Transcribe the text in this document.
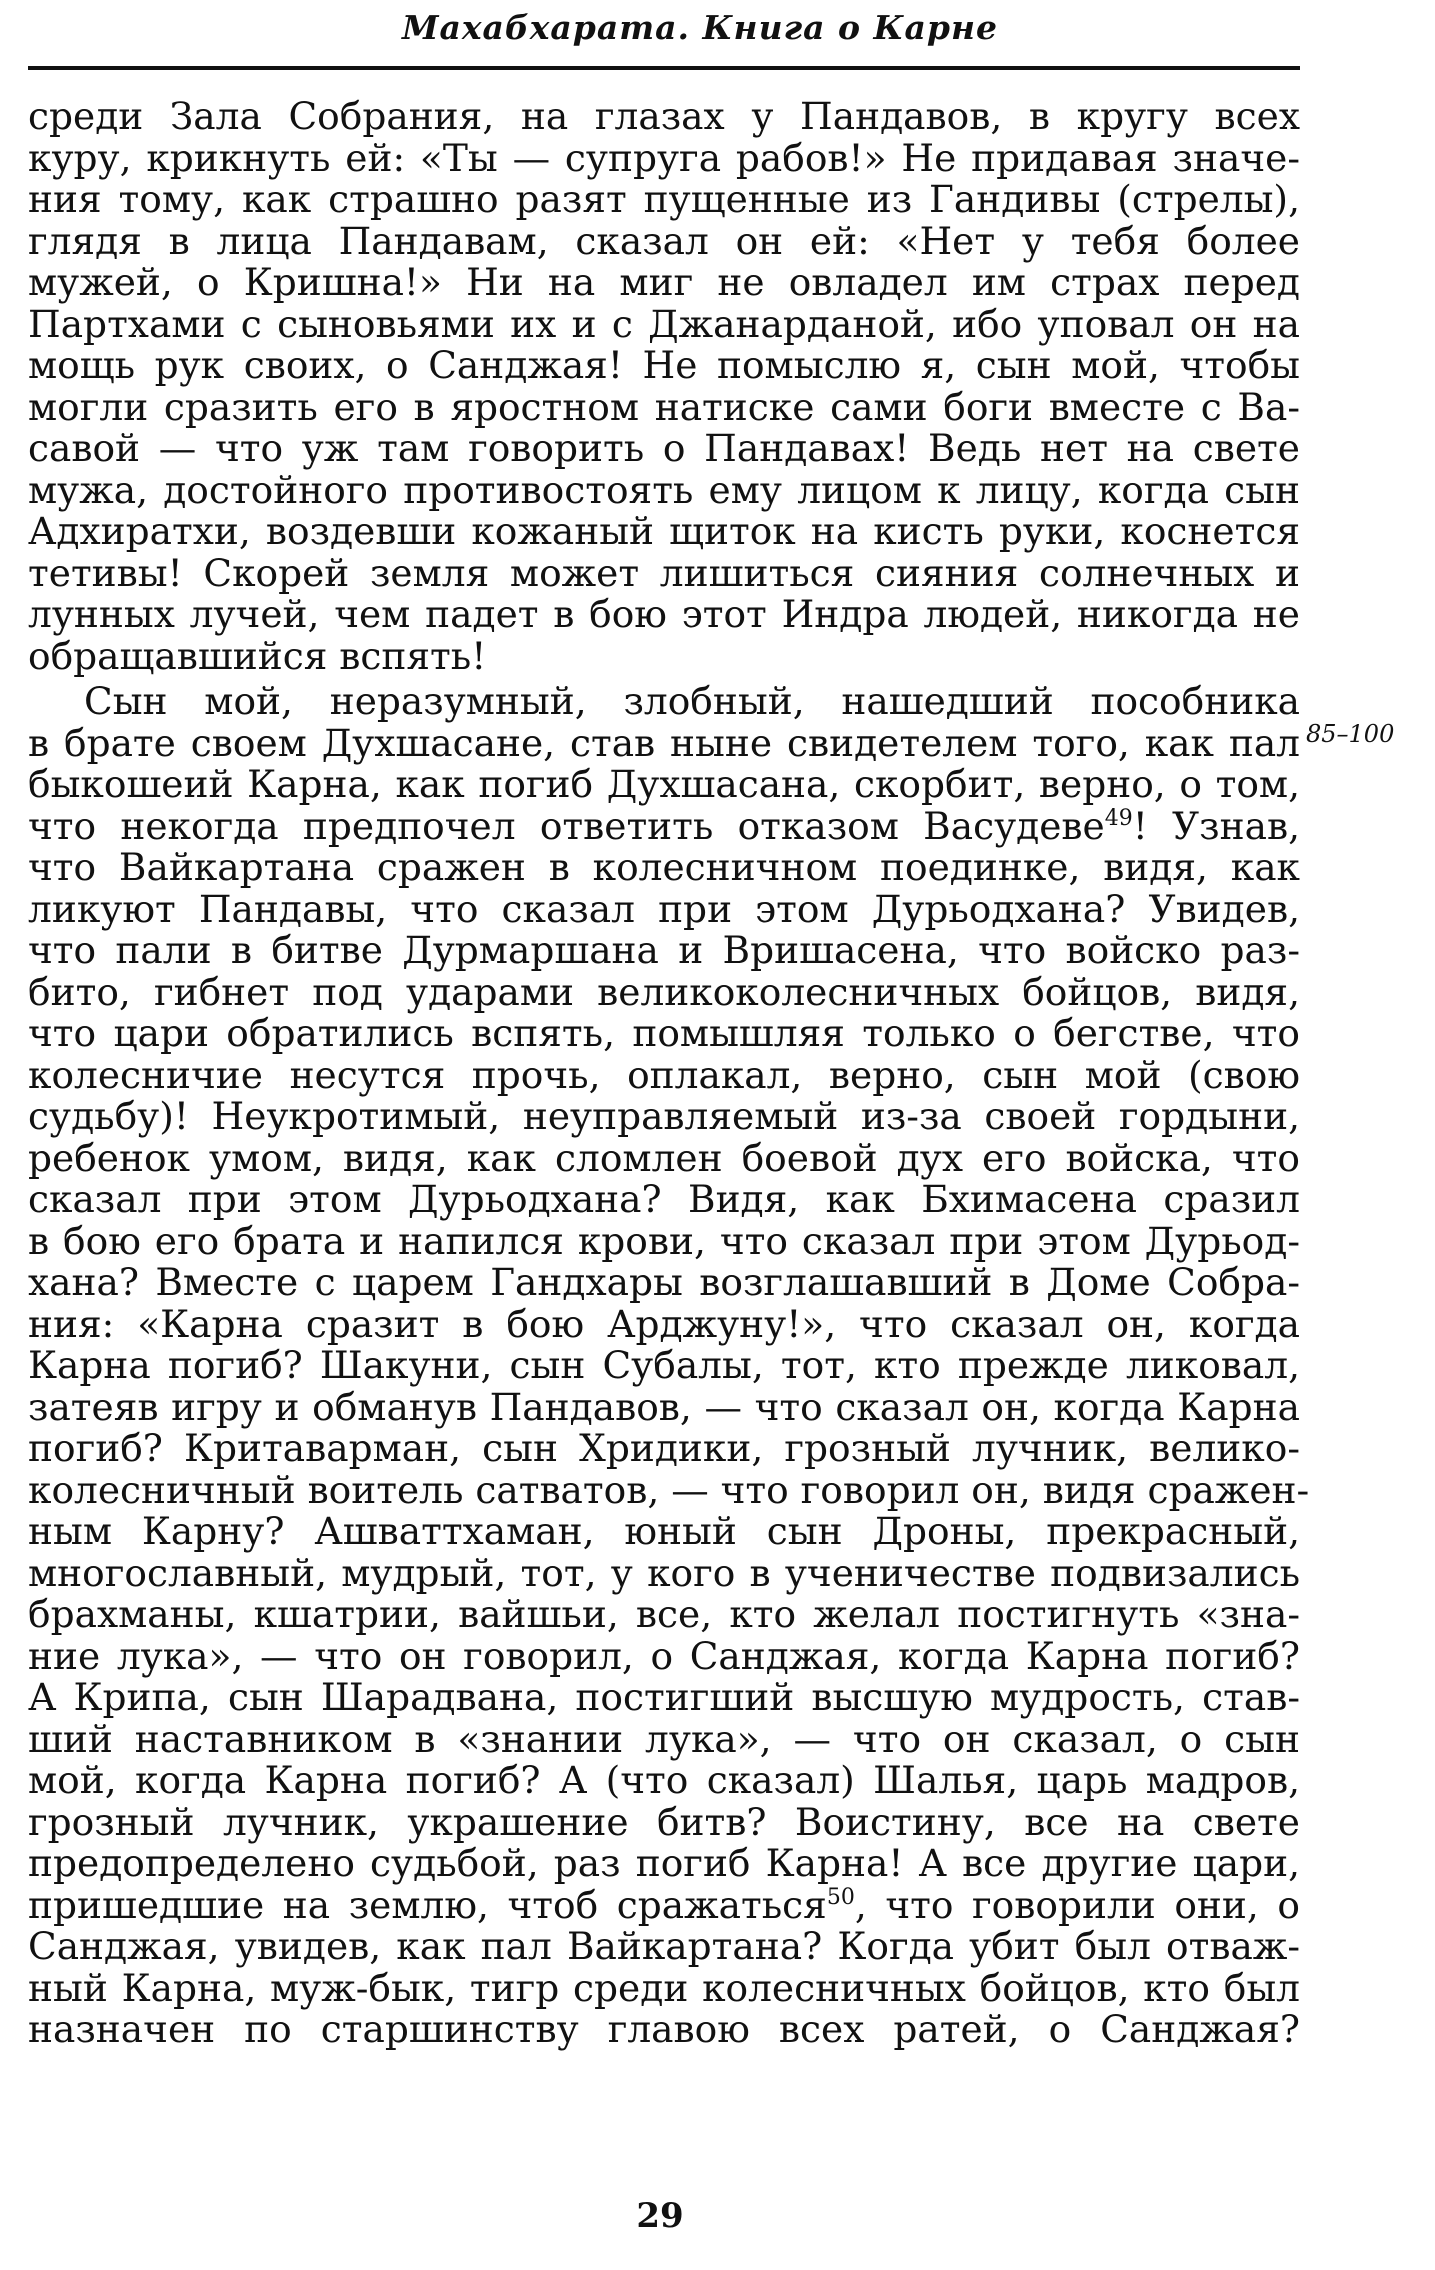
Махабхарата. Книга о Карне
среди Зала Собрания, на глазах у Пандавов, в кругу всех
куру, крикнуть ей: «Ты — супруга рабов!» Не придавая значе-
ния тому, как страшно разят пущенные из Гандивы (стрелы),
глядя в лица Пандавам, сказал он ей: «Нет у тебя более
мужей, о Кришна!» Ни на миг не овладел им страх перед
Партхами с сыновьями их и с Джанарданой, ибо уповал он на
мощь рук своих, о Санджая! Не помыслю я, сын мой, чтобы
могли сразить его в яростном натиске сами боги вместе с Ва-
савой — что уж там говорить о Пандавах! Ведь нет на свете
мужа, достойного противостоять ему лицом к лицу, когда сын
Адхиратхи, воздевши кожаный щиток на кисть руки, коснется
тетивы! Скорей земля может лишиться сияния солнечных и
лунных лучей, чем падет в бою этот Индра людей, никогда не
обращавшийся вспять!
Сын мой, неразумный, злобный, нашедший пособника
в брате своем Духшасане, став ныне свидетелем того, как пал
быкошеий Карна, как погиб Духшасана, скорбит, верно, о том,
что некогда предпочел ответить отказом Васудеве$^{49}$! Узнав,
что Вайкартана сражен в колесничном поединке, видя, как
ликуют Пандавы, что сказал при этом Дурьодхана? Увидев,
что пали в битве Дурмаршана и Вришасена, что войско раз-
бито, гибнет под ударами великоколесничных бойцов, видя,
что цари обратились вспять, помышляя только о бегстве, что
колесничие несутся прочь, оплакал, верно, сын мой (свою
судьбу)! Неукротимый, неуправляемый из-за своей гордыни,
ребенок умом, видя, как сломлен боевой дух его войска, что
сказал при этом Дурьодхана? Видя, как Бхимасена сразил
в бою его брата и напился крови, что сказал при этом Дурьод-
хана? Вместе с царем Гандхары возглашавший в Доме Собра-
ния: «Карна сразит в бою Арджуну!», что сказал он, когда
Карна погиб? Шакуни, сын Субалы, тот, кто прежде ликовал,
затеяв игру и обманув Пандавов, — что сказал он, когда Карна
погиб? Критаварман, сын Хридики, грозный лучник, велико-
колесничный воитель сатватов, — что говорил он, видя сражен-
ным Карну? Ашваттхаман, юный сын Дроны, прекрасный,
многославный, мудрый, тот, у кого в ученичестве подвизались
брахманы, кшатрии, вайшьи, все, кто желал постигнуть «зна-
ние лука», — что он говорил, о Санджая, когда Карна погиб?
А Крипа, сын Шарадвана, постигший высшую мудрость, став-
ший наставником в «знании лука», — что он сказал, о сын
мой, когда Карна погиб? А (что сказал) Шалья, царь мадров,
грозный лучник, украшение битв? Воистину, все на свете
предопределено судьбой, раз погиб Карна! А все другие цари,
пришедшие на землю, чтоб сражаться$^{50}$, что говорили они, о
Санджая, увидев, как пал Вайкартана? Когда убит был отваж-
ный Карна, муж-бык, тигр среди колесничных бойцов, кто был
назначен по старшинству главою всех ратей, о Санджая?
85–100
29
